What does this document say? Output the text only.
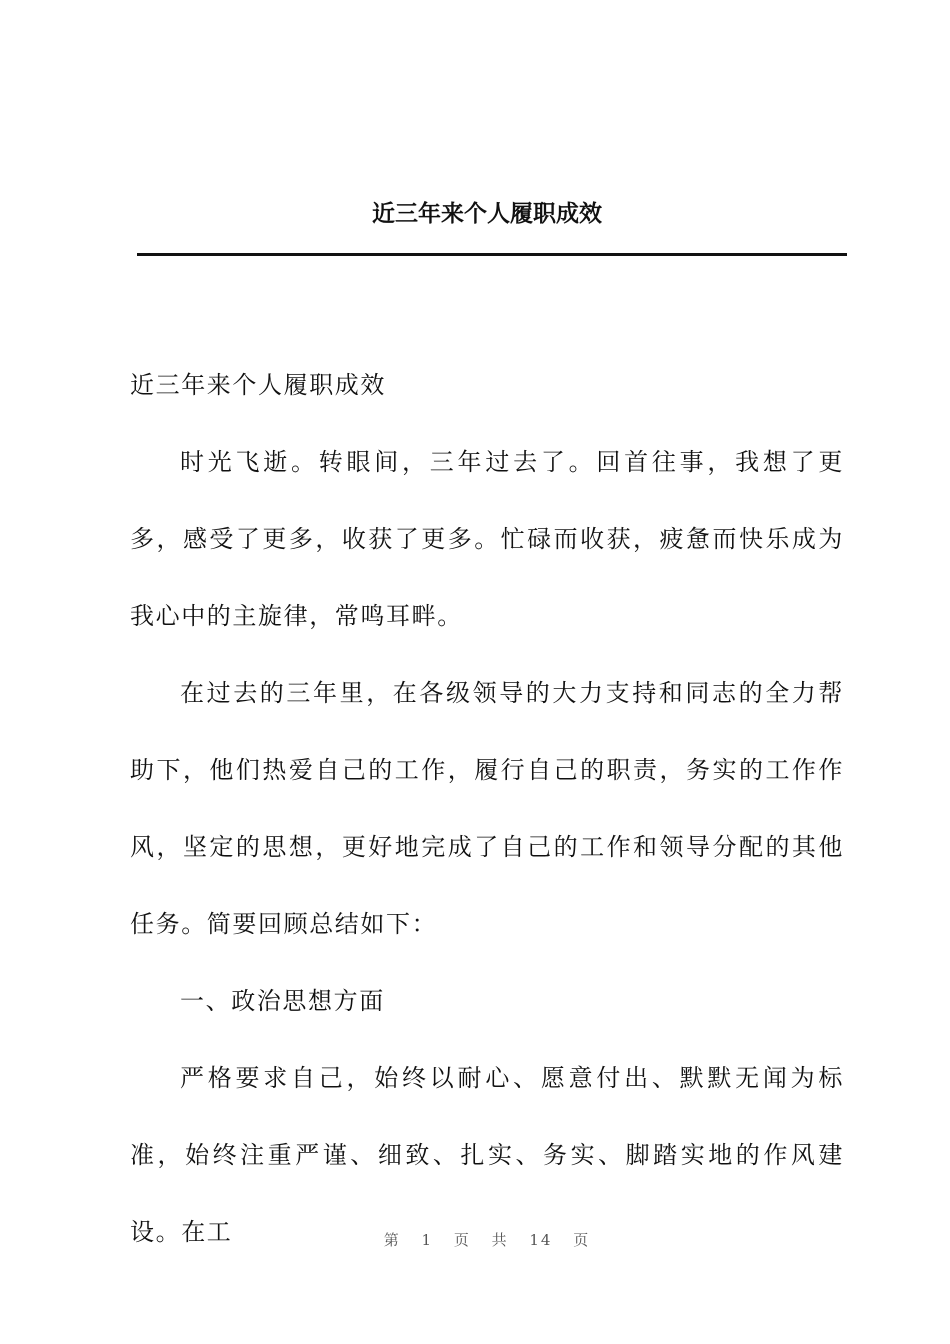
近三年来个人履职成效

近三年来个人履职成效

时光飞逝。转眼间，三年过去了。回首往事，我想了更多，感受了更多，收获了更多。忙碌而收获，疲惫而快乐成为我心中的主旋律，常鸣耳畔。

在过去的三年里，在各级领导的大力支持和同志的全力帮助下，他们热爱自己的工作，履行自己的职责，务实的工作作风，坚定的思想，更好地完成了自己的工作和领导分配的其他任务。简要回顾总结如下：

一、政治思想方面

严格要求自己，始终以耐心、愿意付出、默默无闻为标准，始终注重严谨、细致、扎实、务实、脚踏实地的作风建设。在工	第 1 页 共 14 页
